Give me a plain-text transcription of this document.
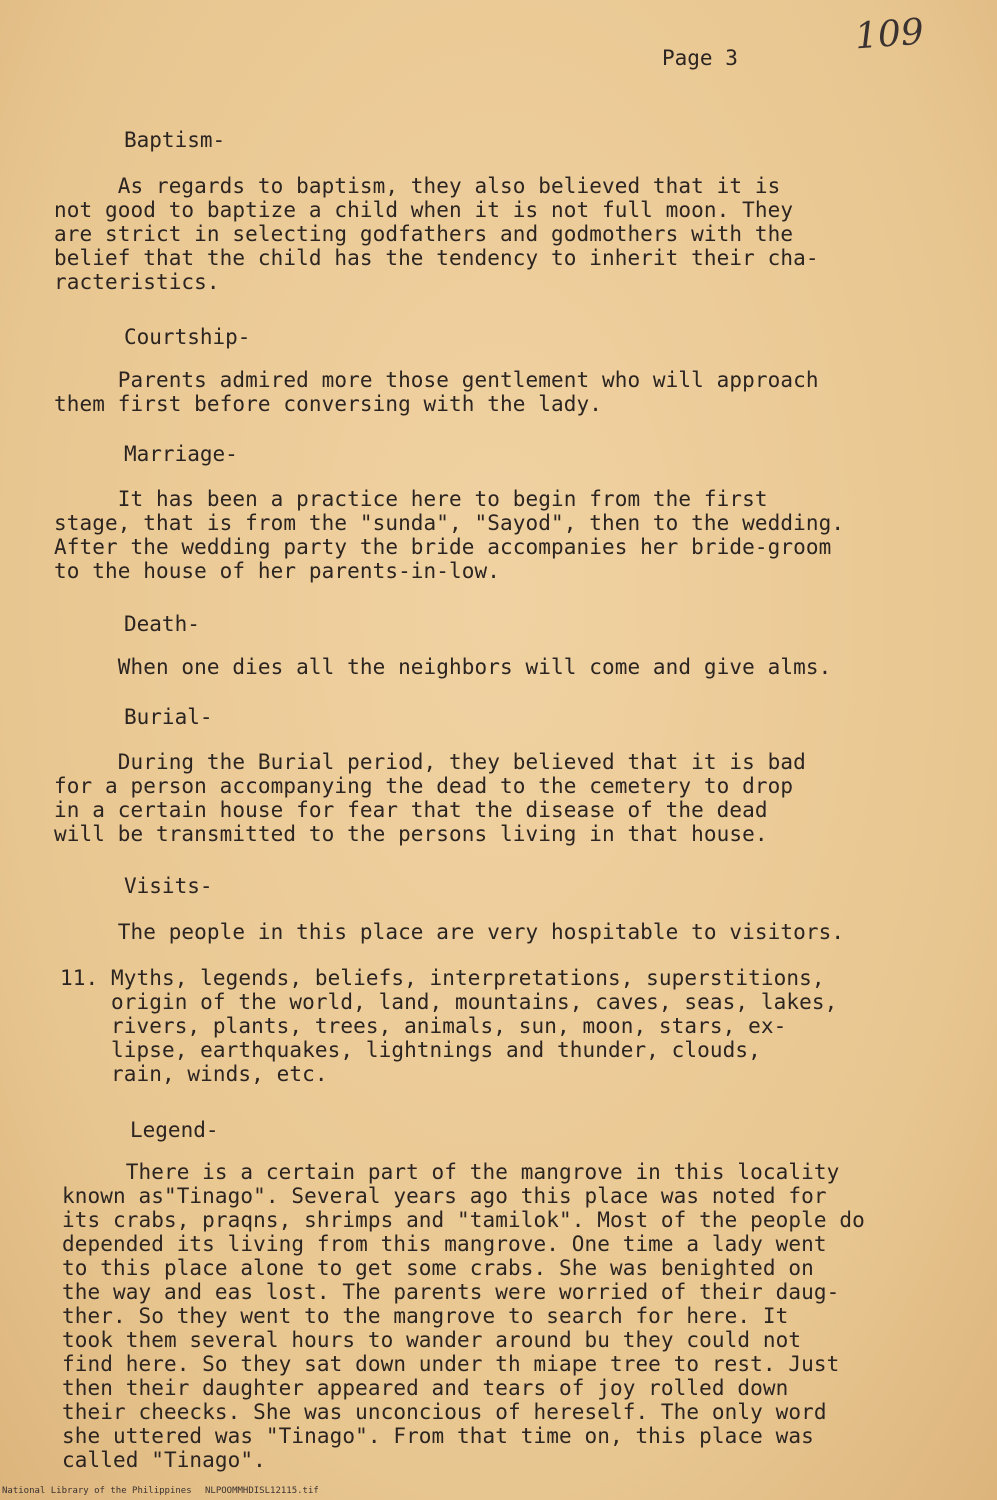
109
Page 3
Baptism-
As regards to baptism, they also believed that it is
not good to baptize a child when it is not full moon. They
are strict in selecting godfathers and godmothers with the
belief that the child has the tendency to inherit their cha-
racteristics.
Courtship-
Parents admired more those gentlement who will approach
them first before conversing with the lady.
Marriage-
It has been a practice here to begin from the first
stage, that is from the "sunda", "Sayod", then to the wedding.
After the wedding party the bride accompanies her bride-groom
to the house of her parents-in-low.
Death-
When one dies all the neighbors will come and give alms.
Burial-
During the Burial period, they believed that it is bad
for a person accompanying the dead to the cemetery to drop
in a certain house for fear that the disease of the dead
will be transmitted to the persons living in that house.
Visits-
The people in this place are very hospitable to visitors.
11. Myths, legends, beliefs, interpretations, superstitions,
origin of the world, land, mountains, caves, seas, lakes,
rivers, plants, trees, animals, sun, moon, stars, ex-
lipse, earthquakes, lightnings and thunder, clouds,
rain, winds, etc.
Legend-
There is a certain part of the mangrove in this locality
known as"Tinago". Several years ago this place was noted for
its crabs, praqns, shrimps and "tamilok". Most of the people do
depended its living from this mangrove. One time a lady went
to this place alone to get some crabs. She was benighted on
the way and eas lost. The parents were worried of their daug-
ther. So they went to the mangrove to search for here. It
took them several hours to wander around bu they could not
find here. So they sat down under th miape tree to rest. Just
then their daughter appeared and tears of joy rolled down
their cheecks. She was unconcious of hereself. The only word
she uttered was "Tinago". From that time on, this place was
called "Tinago".
National Library of the Philippines NLPOOMMHDISL12115.tif
